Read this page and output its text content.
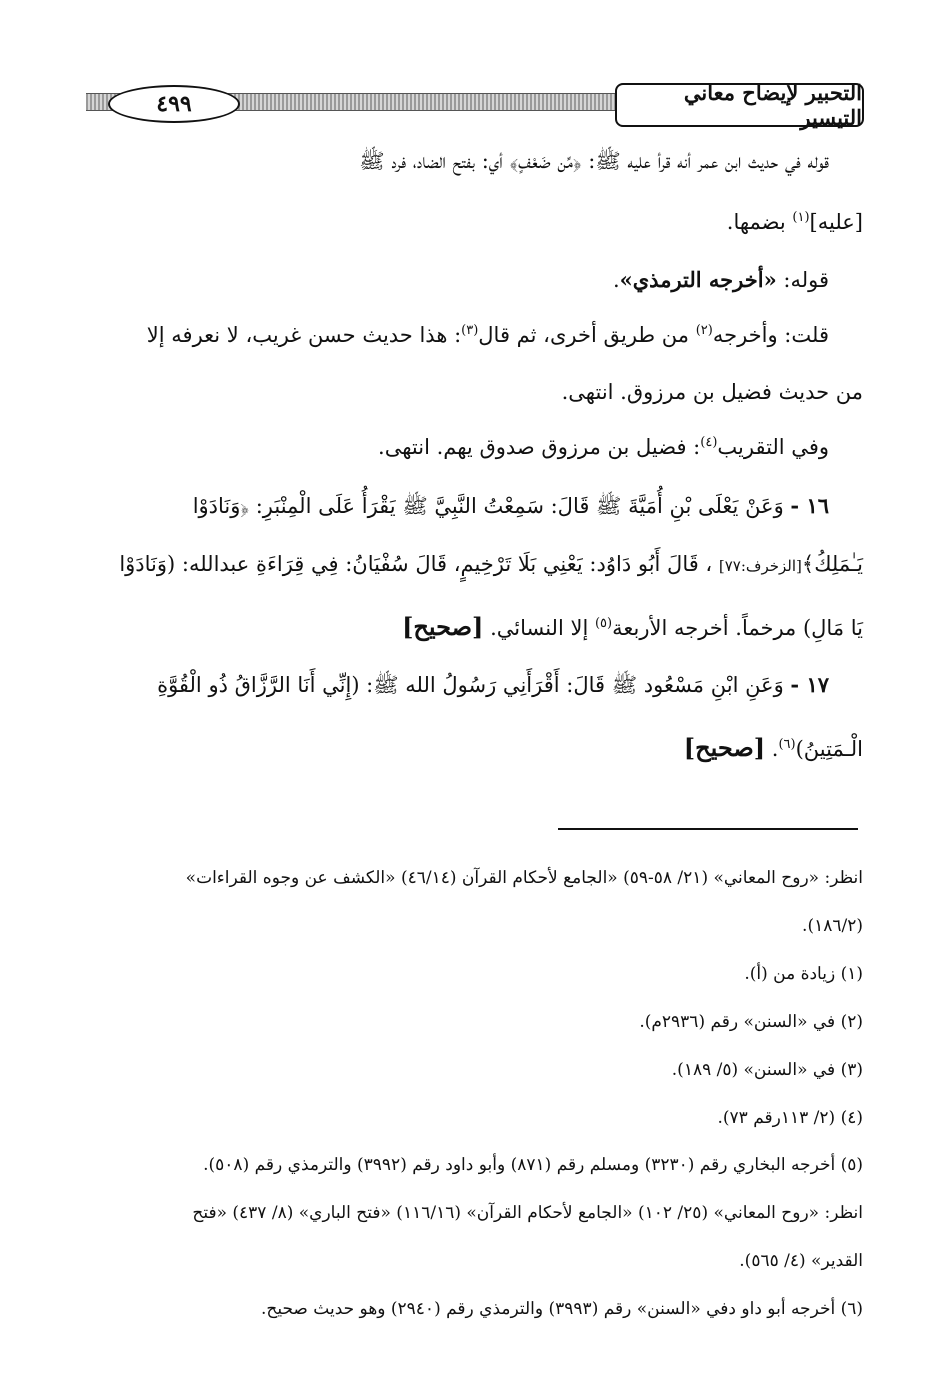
٤٩٩	التحبير لإيضاح معاني التيسير
قوله في حديث ابن عمر أنه قرأ عليه ﷺ: ﴿مِّن ضَعْفٍ﴾ أي: بفتح الضاد، فرد ﷺ
[عليه]$^{(١)}$ بضمها.
قوله: «أخرجه الترمذي».
قلت: وأخرجه$^{(٢)}$ من طريق أخرى، ثم قال$^{(٣)}$: هذا حديث حسن غريب، لا نعرفه إلا
من حديث فضيل بن مرزوق. انتهى.
وفي التقريب$^{(٤)}$: فضيل بن مرزوق صدوق يهم. انتهى.
١٦ - وَعَنْ يَعْلَى بْنِ أُمَيَّةَ ﷺ قَالَ: سَمِعْتُ النَّبِيَّ ﷺ يَقْرَأُ عَلَى الْمِنْبَرِ: ﴿وَنَادَوْا
يَـٰمَلِكُ﴾[الزخرف:٧٧] ، قَالَ أَبُو دَاوُد: يَعْنِي بَلَا تَرْخِيمٍ، قَالَ سُفْيَانُ: فِي قِرَاءَةِ عبدالله: (وَنَادَوْا
يَا مَالِ) مرخماً. أخرجه الأربعة$^{(٥)}$ إلا النسائي. [صحيح]
١٧ - وَعَنِ ابْنِ مَسْعُود ﷺ قَالَ: أَقْرَأَنِي رَسُولُ الله ﷺ: (إِنِّي أَنَا الرَّزَّاقُ ذُو الْقُوَّةِ
الْـمَتِينُ)$^{(٦)}$. [صحيح]
انظر: «روح المعاني» (٢١/ ٥٨-٥٩) «الجامع لأحكام القرآن (٤٦/١٤) «الكشف عن وجوه القراءات»
(١٨٦/٢).
(١) زيادة من (أ).
(٢) في «السنن» رقم (٢٩٣٦م).
(٣) في «السنن» (٥/ ١٨٩).
(٤) (٢/ ١١٣رقم ٧٣).
(٥) أخرجه البخاري رقم (٣٢٣٠) ومسلم رقم (٨٧١) وأبو داود رقم (٣٩٩٢) والترمذي رقم (٥٠٨).
انظر: «روح المعاني» (٢٥/ ١٠٢) «الجامع لأحكام القرآن» (١١٦/١٦) «فتح الباري» (٨/ ٤٣٧) «فتح
القدير» (٤/ ٥٦٥).
(٦) أخرجه أبو داو دفي «السنن» رقم (٣٩٩٣) والترمذي رقم (٢٩٤٠) وهو حديث صحيح.
